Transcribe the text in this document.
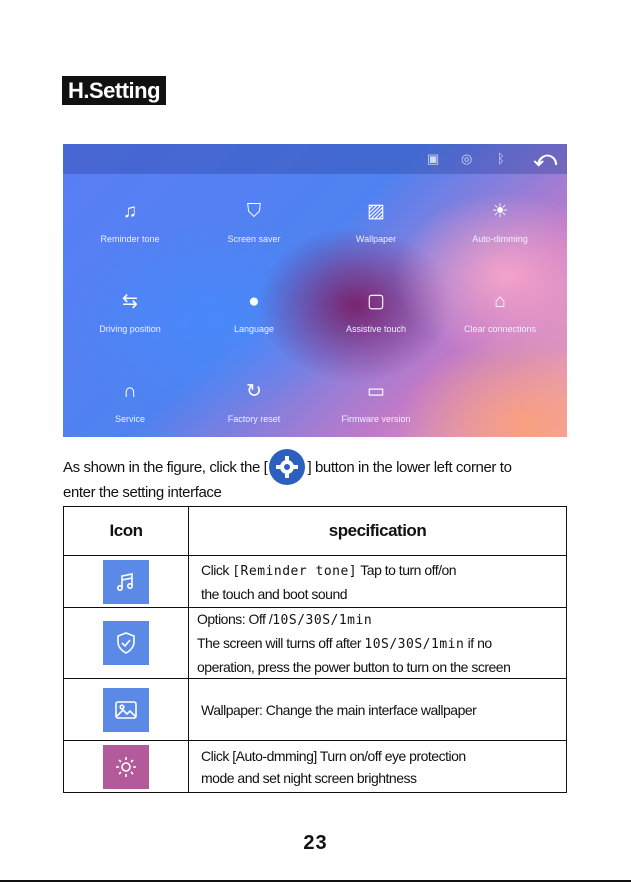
H.Setting
▣ ◎ ᛒ ⤺
♫
Reminder tone
⛉
Screen saver
▨
Wallpaper
☀
Auto-dimming
⇆
Driving position
●
Language
▢
Assistive touch
⌂
Clear connections
∩
Service
↻
Factory reset
▭
Firmware version
As shown in the figure, click the [	] button in the lower left corner to
enter the setting interface
Icon	specification

Click [Reminder tone] Tap to turn off/on
the touch and boot sound

Options: Off /10S/30S/1min
The screen will turns off after 10S/30S/1min if no
operation, press the power button to turn on the screen

	Wallpaper: Change the main interface wallpaper

Click [Auto-dmming] Turn on/off eye protection
mode and set night screen brightness
23
